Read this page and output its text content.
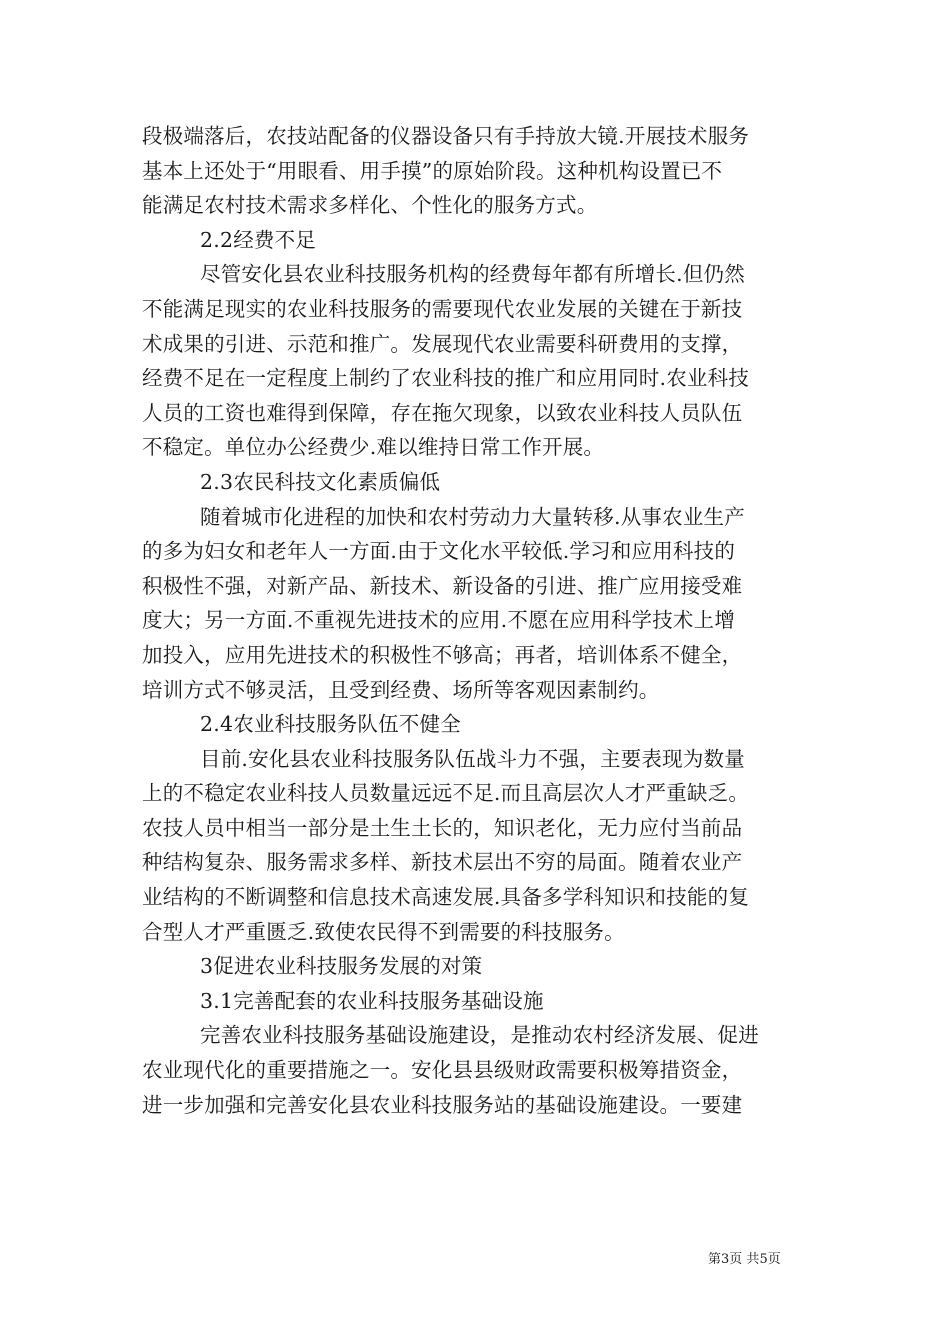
段极端落后，农技站配备的仪器设备只有手持放大镜.开展技术服务
基本上还处于“用眼看、用手摸”的原始阶段。这种机构设置已不
能满足农村技术需求多样化、个性化的服务方式。
2.2经费不足
尽管安化县农业科技服务机构的经费每年都有所增长.但仍然
不能满足现实的农业科技服务的需要现代农业发展的关键在于新技
术成果的引进、示范和推广。发展现代农业需要科研费用的支撑，
经费不足在一定程度上制约了农业科技的推广和应用同时.农业科技
人员的工资也难得到保障，存在拖欠现象，以致农业科技人员队伍
不稳定。单位办公经费少.难以维持日常工作开展。
2.3农民科技文化素质偏低
随着城市化进程的加快和农村劳动力大量转移.从事农业生产
的多为妇女和老年人一方面.由于文化水平较低.学习和应用科技的
积极性不强，对新产品、新技术、新设备的引进、推广应用接受难
度大；另一方面.不重视先进技术的应用.不愿在应用科学技术上增
加投入，应用先进技术的积极性不够高；再者，培训体系不健全，
培训方式不够灵活，且受到经费、场所等客观因素制约。
2.4农业科技服务队伍不健全
目前.安化县农业科技服务队伍战斗力不强，主要表现为数量
上的不稳定农业科技人员数量远远不足.而且高层次人才严重缺乏。
农技人员中相当一部分是土生土长的，知识老化，无力应付当前品
种结构复杂、服务需求多样、新技术层出不穷的局面。随着农业产
业结构的不断调整和信息技术高速发展.具备多学科知识和技能的复
合型人才严重匮乏.致使农民得不到需要的科技服务。
3促进农业科技服务发展的对策
3.1完善配套的农业科技服务基础设施
完善农业科技服务基础设施建设，是推动农村经济发展、促进
农业现代化的重要措施之一。安化县县级财政需要积极筹措资金，
进一步加强和完善安化县农业科技服务站的基础设施建设。一要建
第3页 共5页
